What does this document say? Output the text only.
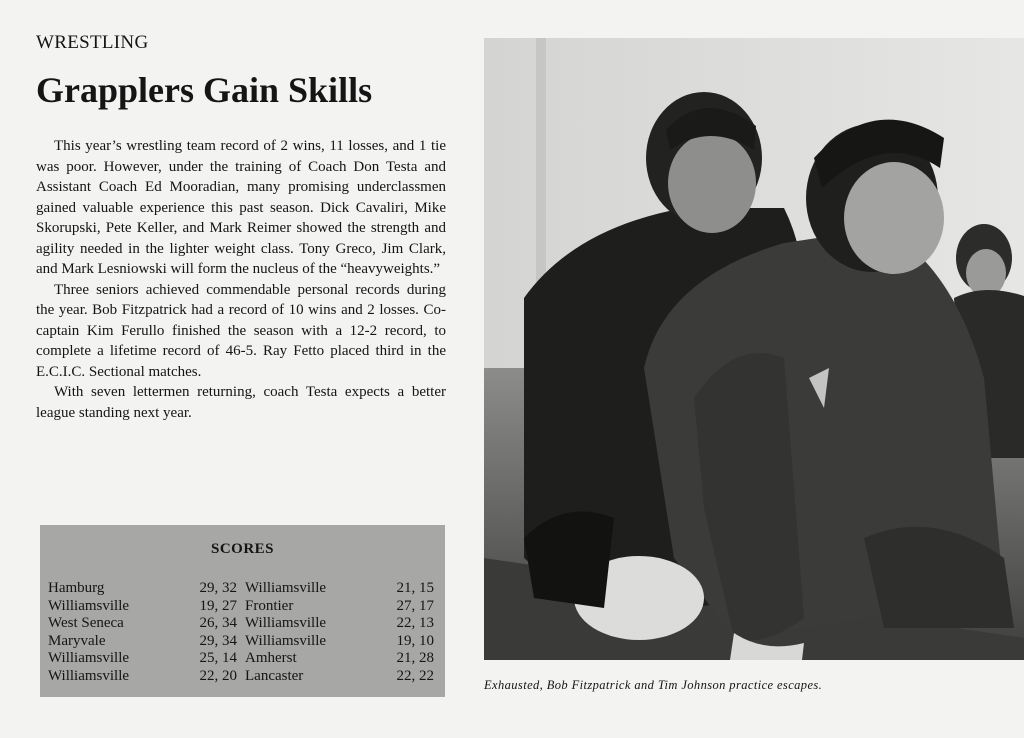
WRESTLING
Grapplers Gain Skills

This year’s wrestling team record of 2 wins, 11 losses, and 1 tie was poor. However, under the training of Coach Don Testa and Assistant Coach Ed Mooradian, many promising underclassmen gained valuable experience this past season. Dick Cavaliri, Mike Skorupski, Pete Keller, and Mark Reimer showed the strength and agility needed in the lighter weight class. Tony Greco, Jim Clark, and Mark Lesniowski will form the nucleus of the “heavyweights.”

Three seniors achieved commendable personal records during the year. Bob Fitzpatrick had a record of 10 wins and 2 losses. Co-captain Kim Ferullo finished the season with a 12-2 record, to complete a lifetime record of 46-5. Ray Fetto placed third in the E.C.I.C. Sectional matches.

With seven lettermen returning, coach Testa expects a better league standing next year.

SCORES
Hamburg	29, 32 Williamsville	21, 15
Williamsville	19, 27 Frontier	27, 17
West Seneca	26, 34 Williamsville	22, 13
Maryvale	29, 34 Williamsville	19, 10
Williamsville	25, 14 Amherst	21, 28
Williamsville	22, 20 Lancaster	22, 22
Exhausted, Bob Fitzpatrick and Tim Johnson practice escapes.
